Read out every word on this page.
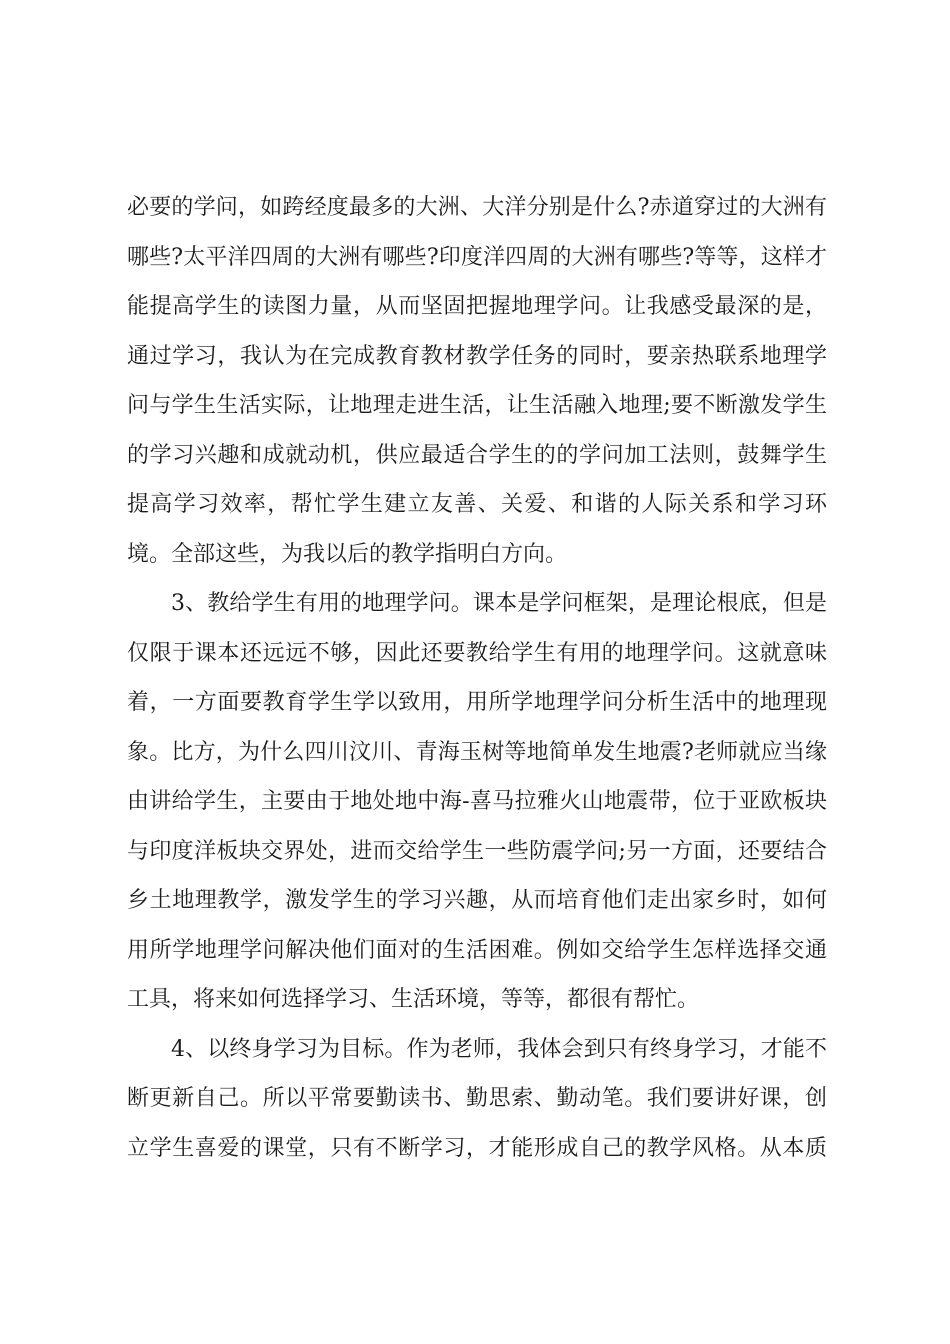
必要的学问，如跨经度最多的大洲、大洋分别是什么?赤道穿过的大洲有
哪些?太平洋四周的大洲有哪些?印度洋四周的大洲有哪些?等等，这样才
能提高学生的读图力量，从而坚固把握地理学问。让我感受最深的是，
通过学习，我认为在完成教育教材教学任务的同时，要亲热联系地理学
问与学生生活实际，让地理走进生活，让生活融入地理;要不断激发学生
的学习兴趣和成就动机，供应最适合学生的的学问加工法则，鼓舞学生
提高学习效率，帮忙学生建立友善、关爱、和谐的人际关系和学习环
境。全部这些，为我以后的教学指明白方向。
3、教给学生有用的地理学问。课本是学问框架，是理论根底，但是
仅限于课本还远远不够，因此还要教给学生有用的地理学问。这就意味
着，一方面要教育学生学以致用，用所学地理学问分析生活中的地理现
象。比方，为什么四川汶川、青海玉树等地简单发生地震?老师就应当缘
由讲给学生，主要由于地处地中海-喜马拉雅火山地震带，位于亚欧板块
与印度洋板块交界处，进而交给学生一些防震学问;另一方面，还要结合
乡土地理教学，激发学生的学习兴趣，从而培育他们走出家乡时，如何
用所学地理学问解决他们面对的生活困难。例如交给学生怎样选择交通
工具，将来如何选择学习、生活环境，等等，都很有帮忙。
4、以终身学习为目标。作为老师，我体会到只有终身学习，才能不
断更新自己。所以平常要勤读书、勤思索、勤动笔。我们要讲好课，创
立学生喜爱的课堂，只有不断学习，才能形成自己的教学风格。从本质
